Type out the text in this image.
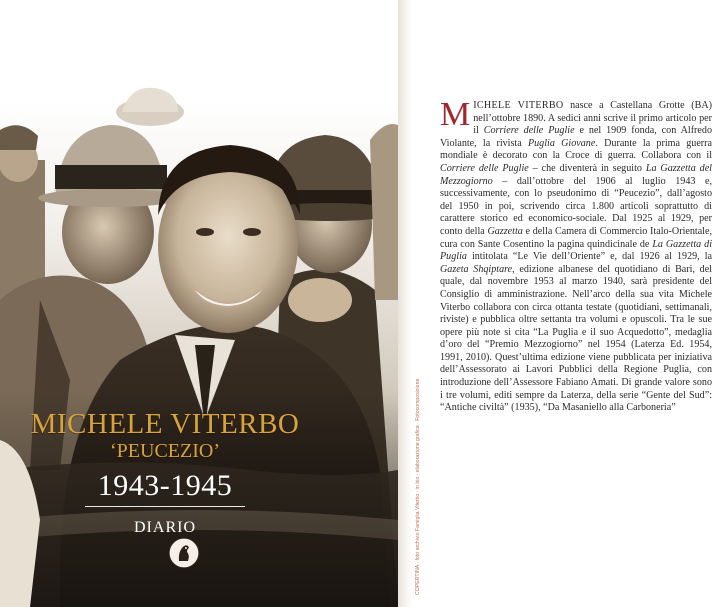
MICHELE VITERBO
‘PEUCEZIO’
1943-1945
DIARIO	COPERTINA · foto archivio Famiglia Viterbo · in bio · elaborazione grafica · Fotocomposizione

MICHELE VITERBO nasce a Castellana Grotte (BA) nell’ottobre 1890. A sedici anni scrive il primo articolo per il Corriere delle Puglie e nel 1909 fonda, con Alfredo Violante, la rivista Puglia Giovane. Durante la prima guerra mondiale è decorato con la Croce di guerra. Collabora con il Corriere delle Puglie – che diventerà in seguito La Gazzetta del Mezzogiorno – dall’ottobre del 1906 al luglio 1943 e, successivamente, con lo pseudonimo di “Peucezio”, dall’agosto del 1950 in poi, scrivendo circa 1.800 articoli soprattutto di carattere storico ed economico-sociale. Dal 1925 al 1929, per conto della Gazzetta e della Camera di Commercio Italo-Orientale, cura con Sante Cosentino la pagina quindicinale de La Gazzetta di Puglia intitolata “Le Vie dell’Oriente” e, dal 1926 al 1929, la Gazeta Shqiptare, edizione albanese del quotidiano di Bari, del quale, dal novembre 1953 al marzo 1940, sarà presidente del Consiglio di amministrazione. Nell’arco della sua vita Michele Viterbo collabora con circa ottanta testate (quotidiani, settimanali, riviste) e pubblica oltre settanta tra volumi e opuscoli. Tra le sue opere più note si cita “La Puglia e il suo Acquedotto”, medaglia d’oro del “Premio Mezzogiorno” nel 1954 (Laterza Ed. 1954, 1991, 2010). Quest’ultima edizione viene pubblicata per iniziativa dell’Assessorato ai Lavori Pubblici della Regione Puglia, con introduzione dell’Assessore Fabiano Amati. Di grande valore sono i tre volumi, editi sempre da Laterza, della serie “Gente del Sud”: “Antiche civiltà” (1935), “Da Masaniello alla Carboneria”
